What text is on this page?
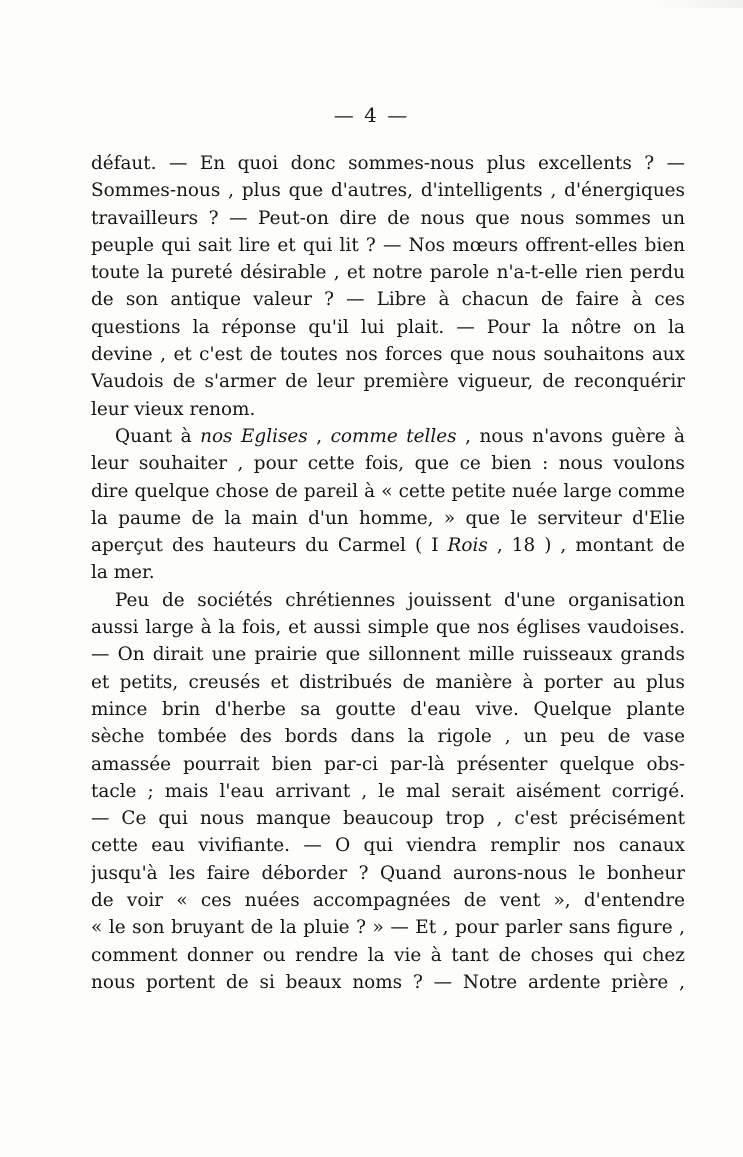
— 4 —
défaut. — En quoi donc sommes-nous plus excellents ? —
Sommes-nous , plus que d'autres, d'intelligents , d'énergiques
travailleurs ? — Peut-on dire de nous que nous sommes un
peuple qui sait lire et qui lit ? — Nos mœurs offrent-elles bien
toute la pureté désirable , et notre parole n'a-t-elle rien perdu
de son antique valeur ? — Libre à chacun de faire à ces
questions la réponse qu'il lui plait. — Pour la nôtre on la
devine , et c'est de toutes nos forces que nous souhaitons aux
Vaudois de s'armer de leur première vigueur, de reconquérir
leur vieux renom.
Quant à nos Eglises , comme telles , nous n'avons guère à
leur souhaiter , pour cette fois, que ce bien : nous voulons
dire quelque chose de pareil à « cette petite nuée large comme
la paume de la main d'un homme, » que le serviteur d'Elie
aperçut des hauteurs du Carmel ( I Rois , 18 ) , montant de
la mer.
Peu de sociétés chrétiennes jouissent d'une organisation
aussi large à la fois, et aussi simple que nos églises vaudoises.
— On dirait une prairie que sillonnent mille ruisseaux grands
et petits, creusés et distribués de manière à porter au plus
mince brin d'herbe sa goutte d'eau vive. Quelque plante
sèche tombée des bords dans la rigole , un peu de vase
amassée pourrait bien par-ci par-là présenter quelque obs-
tacle ; mais l'eau arrivant , le mal serait aisément corrigé.
— Ce qui nous manque beaucoup trop , c'est précisément
cette eau vivifiante. — O qui viendra remplir nos canaux
jusqu'à les faire déborder ? Quand aurons-nous le bonheur
de voir « ces nuées accompagnées de vent », d'entendre
« le son bruyant de la pluie ? » — Et , pour parler sans figure ,
comment donner ou rendre la vie à tant de choses qui chez
nous portent de si beaux noms ? — Notre ardente prière ,
